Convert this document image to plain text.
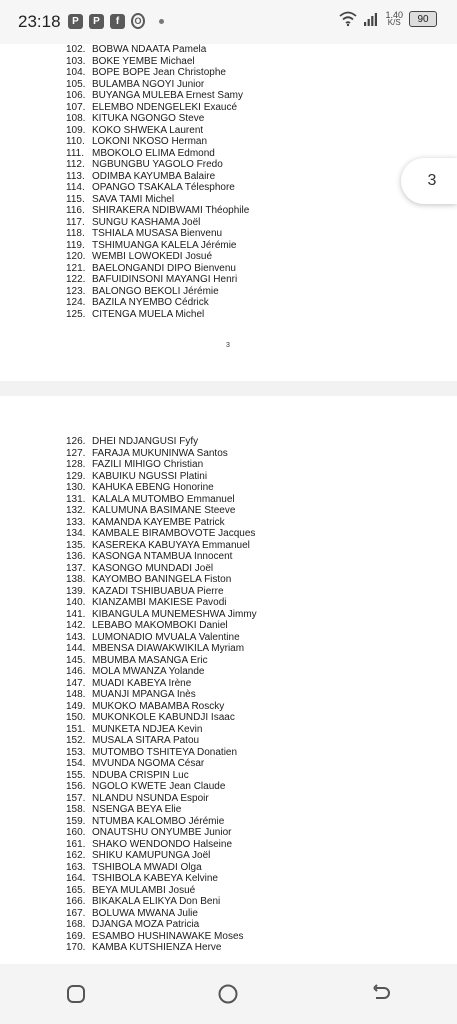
23:18	P	P	f	O
1.40
K/S 90
102. BOBWA NDAATA Pamela
103. BOKE YEMBE Michael
104. BOPE BOPE Jean Christophe
105. BULAMBA NGOYI Junior
106. BUYANGA MULEBA Ernest Samy
107. ELEMBO NDENGELEKI Exaucé
108. KITUKA NGONGO Steve
109. KOKO SHWEKA Laurent
110. LOKONI NKOSO Herman
111. MBOKOLO ELIMA Edmond
112. NGBUNGBU YAGOLO Fredo
113. ODIMBA KAYUMBA Balaire
114. OPANGO TSAKALA Télesphore
115. SAVA TAMI Michel
116. SHIRAKERA NDIBWAMI Théophile
117. SUNGU KASHAMA Joël
118. TSHIALA MUSASA Bienvenu
119. TSHIMUANGA KALELA Jérémie
120. WEMBI LOWOKEDI Josué
121. BAELONGANDI DIPO Bienvenu
122. BAFUIDINSONI MAYANGI Henri
123. BALONGO BEKOLI Jérémie
124. BAZILA NYEMBO Cédrick
125. CITENGA MUELA Michel
3
126. DHEI NDJANGUSI Fyfy
127. FARAJA MUKUNINWA Santos
128. FAZILI MIHIGO Christian
129. KABUIKU NGUSSI Platini
130. KAHUKA EBENG Honorine
131. KALALA MUTOMBO Emmanuel
132. KALUMUNA BASIMANE Steeve
133. KAMANDA KAYEMBE Patrick
134. KAMBALE BIRAMBOVOTE Jacques
135. KASEREKA KABUYAYA Emmanuel
136. KASONGA NTAMBUA Innocent
137. KASONGO MUNDADI Joël
138. KAYOMBO BANINGELA Fiston
139. KAZADI TSHIBUABUA Pierre
140. KIANZAMBI MAKIESE Pavodi
141. KIBANGULA MUNEMESHWA Jimmy
142. LEBABO MAKOMBOKI Daniel
143. LUMONADIO MVUALA Valentine
144. MBENSA DIAWAKWIKILA Myriam
145. MBUMBA MASANGA Eric
146. MOLA MWANZA Yolande
147. MUADI KABEYA Irène
148. MUANJI MPANGA Inès
149. MUKOKO MABAMBA Roscky
150. MUKONKOLE KABUNDJI Isaac
151. MUNKETA NDJEA Kevin
152. MUSALA SITARA Patou
153. MUTOMBO TSHITEYA Donatien
154. MVUNDA NGOMA César
155. NDUBA CRISPIN Luc
156. NGOLO KWETE Jean Claude
157. NLANDU NSUNDA Espoir
158. NSENGA BEYA Elie
159. NTUMBA KALOMBO Jérémie
160. ONAUTSHU ONYUMBE Junior
161. SHAKO WENDONDO Halseine
162. SHIKU KAMUPUNGA Joël
163. TSHIBOLA MWADI Olga
164. TSHIBOLA KABEYA Kelvine
165. BEYA MULAMBI Josué
166. BIKAKALA ELIKYA Don Beni
167. BOLUWA MWANA Julie
168. DJANGA MOZA Patricia
169. ESAMBO HUSHINAWAKE Moses
170. KAMBA KUTSHIENZA Herve
3
